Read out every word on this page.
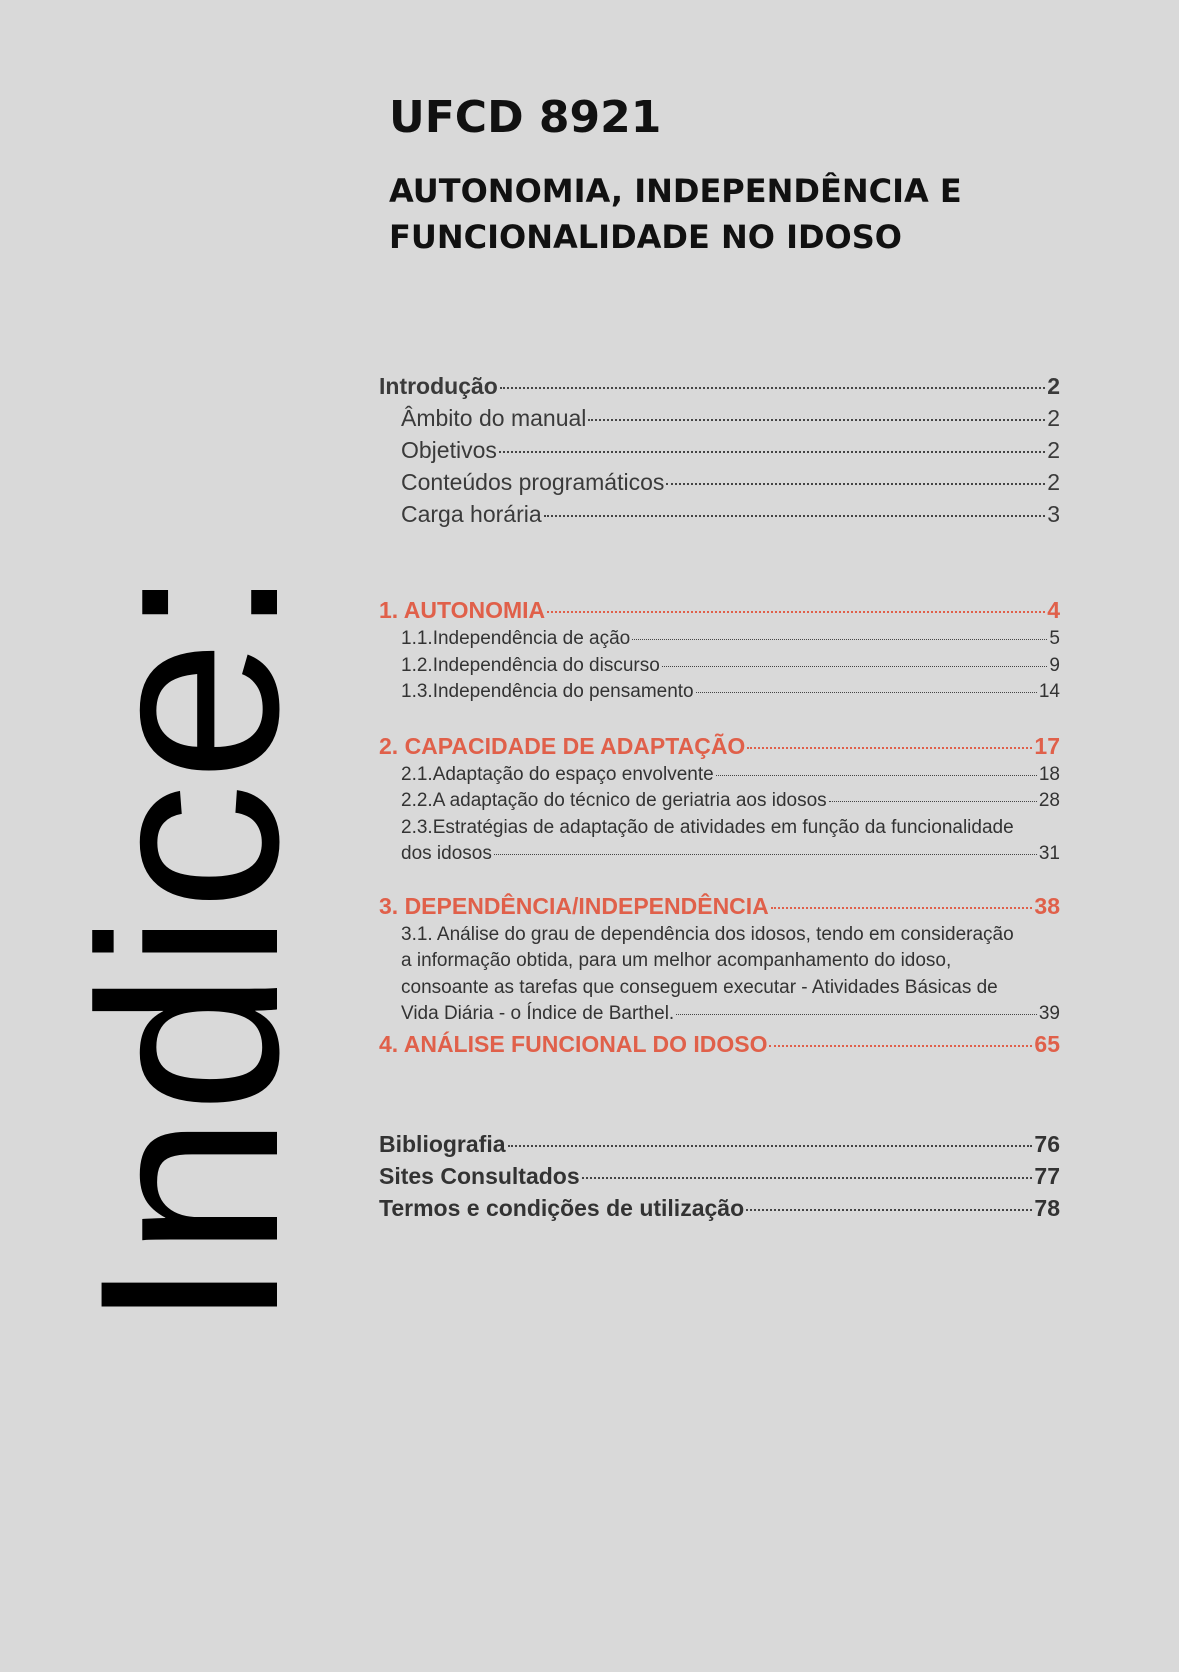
UFCD 8921
AUTONOMIA, INDEPENDÊNCIA E
FUNCIONALIDADE NO IDOSO
Indice:
Introdução	2
Âmbito do manual	2
Objetivos	2
Conteúdos programáticos	2
Carga horária	3
1. AUTONOMIA	4
1.1.Independência de ação	5
1.2.Independência do discurso	9
1.3.Independência do pensamento	14
2. CAPACIDADE DE ADAPTAÇÃO	17
2.1.Adaptação do espaço envolvente	18
2.2.A adaptação do técnico de geriatria aos idosos	28
2.3.Estratégias de adaptação de atividades em função da funcionalidade
dos idosos	31
3. DEPENDÊNCIA/INDEPENDÊNCIA	38
3.1. Análise do grau de dependência dos idosos, tendo em consideração
a informação obtida, para um melhor acompanhamento do idoso,
consoante as tarefas que conseguem executar - Atividades Básicas de
Vida Diária - o Índice de Barthel.	39
4. ANÁLISE FUNCIONAL DO IDOSO	65
Bibliografia	76
Sites Consultados	77
Termos e condições de utilização	78
